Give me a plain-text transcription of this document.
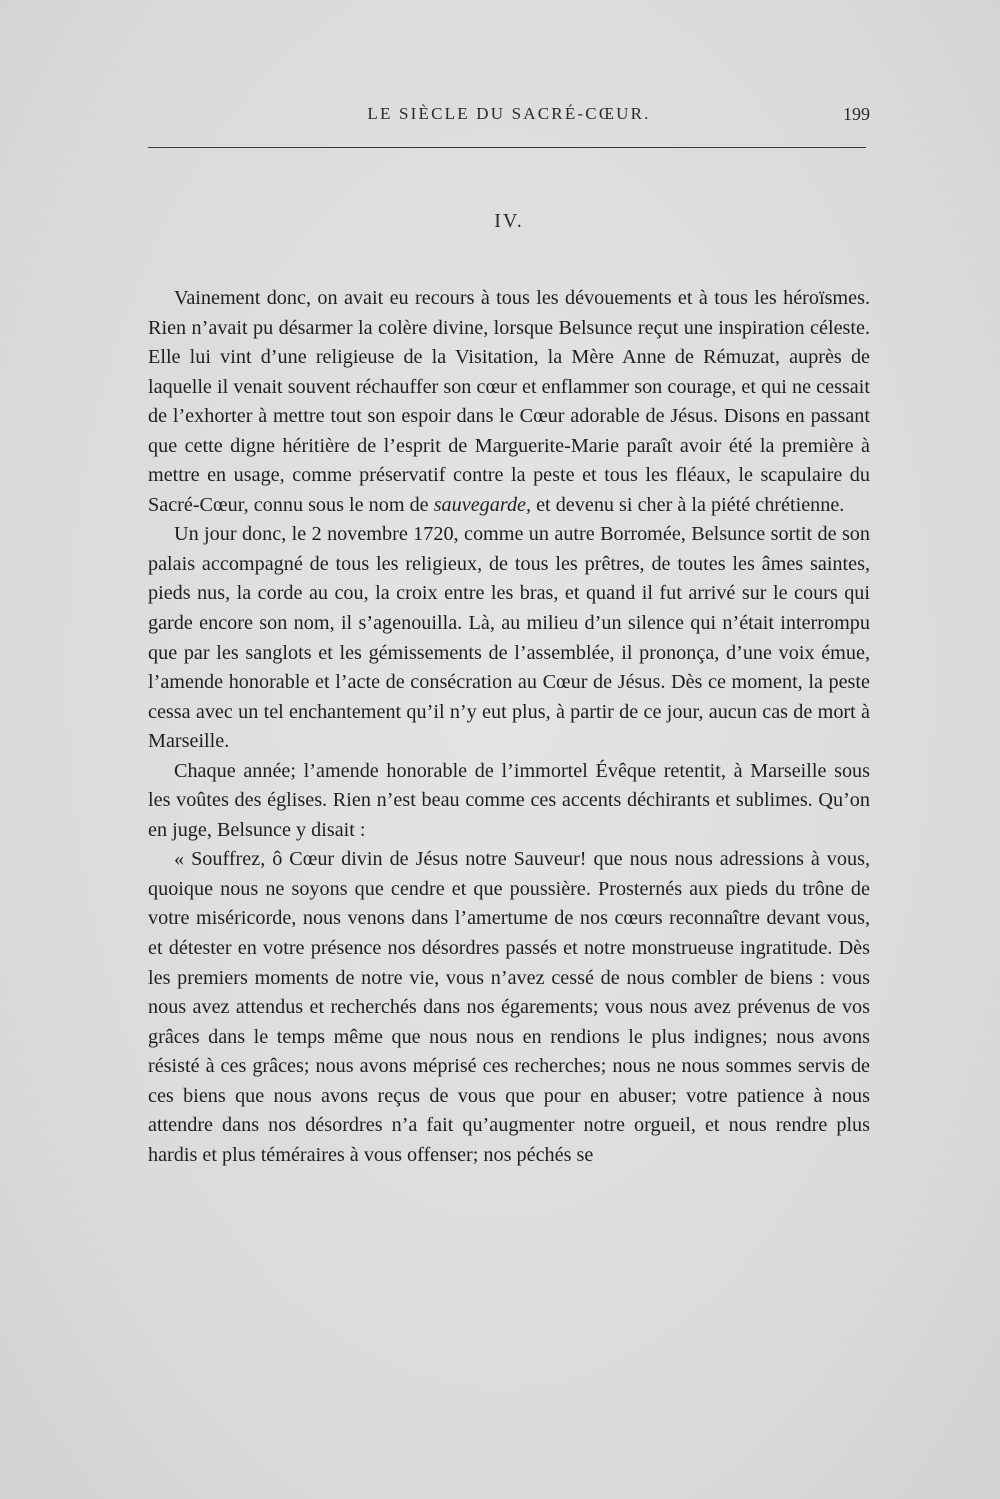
LE SIÈCLE DU SACRÉ-CŒUR.	199
IV.

Vainement donc, on avait eu recours à tous les dévouements et à tous les héroïsmes. Rien n’avait pu désarmer la colère divine, lorsque Belsunce reçut une inspiration céleste. Elle lui vint d’une religieuse de la Visitation, la Mère Anne de Rémuzat, auprès de laquelle il venait souvent réchauffer son cœur et enflammer son courage, et qui ne cessait de l’exhorter à mettre tout son espoir dans le Cœur adorable de Jésus. Disons en passant que cette digne héritière de l’esprit de Marguerite-Marie paraît avoir été la première à mettre en usage, comme préservatif contre la peste et tous les fléaux, le scapulaire du Sacré-Cœur, connu sous le nom de sauvegarde, et devenu si cher à la piété chrétienne.

Un jour donc, le 2 novembre 1720, comme un autre Borromée, Belsunce sortit de son palais accompagné de tous les religieux, de tous les prêtres, de toutes les âmes saintes, pieds nus, la corde au cou, la croix entre les bras, et quand il fut arrivé sur le cours qui garde encore son nom, il s’agenouilla. Là, au milieu d’un silence qui n’était interrompu que par les sanglots et les gémissements de l’assemblée, il prononça, d’une voix émue, l’amende honorable et l’acte de consécration au Cœur de Jésus. Dès ce moment, la peste cessa avec un tel enchantement qu’il n’y eut plus, à partir de ce jour, aucun cas de mort à Marseille.

Chaque année; l’amende honorable de l’immortel Évêque retentit, à Marseille sous les voûtes des églises. Rien n’est beau comme ces accents déchirants et sublimes. Qu’on en juge, Belsunce y disait :

« Souffrez, ô Cœur divin de Jésus notre Sauveur! que nous nous adressions à vous, quoique nous ne soyons que cendre et que poussière. Prosternés aux pieds du trône de votre miséricorde, nous venons dans l’amertume de nos cœurs reconnaître devant vous, et détester en votre présence nos désordres passés et notre monstrueuse ingratitude. Dès les premiers moments de notre vie, vous n’avez cessé de nous combler de biens : vous nous avez attendus et recherchés dans nos égarements; vous nous avez prévenus de vos grâces dans le temps même que nous nous en rendions le plus indignes; nous avons résisté à ces grâces; nous avons méprisé ces recherches; nous ne nous sommes servis de ces biens que nous avons reçus de vous que pour en abuser; votre patience à nous attendre dans nos désordres n’a fait qu’augmenter notre orgueil, et nous rendre plus hardis et plus téméraires à vous offenser; nos péchés se
